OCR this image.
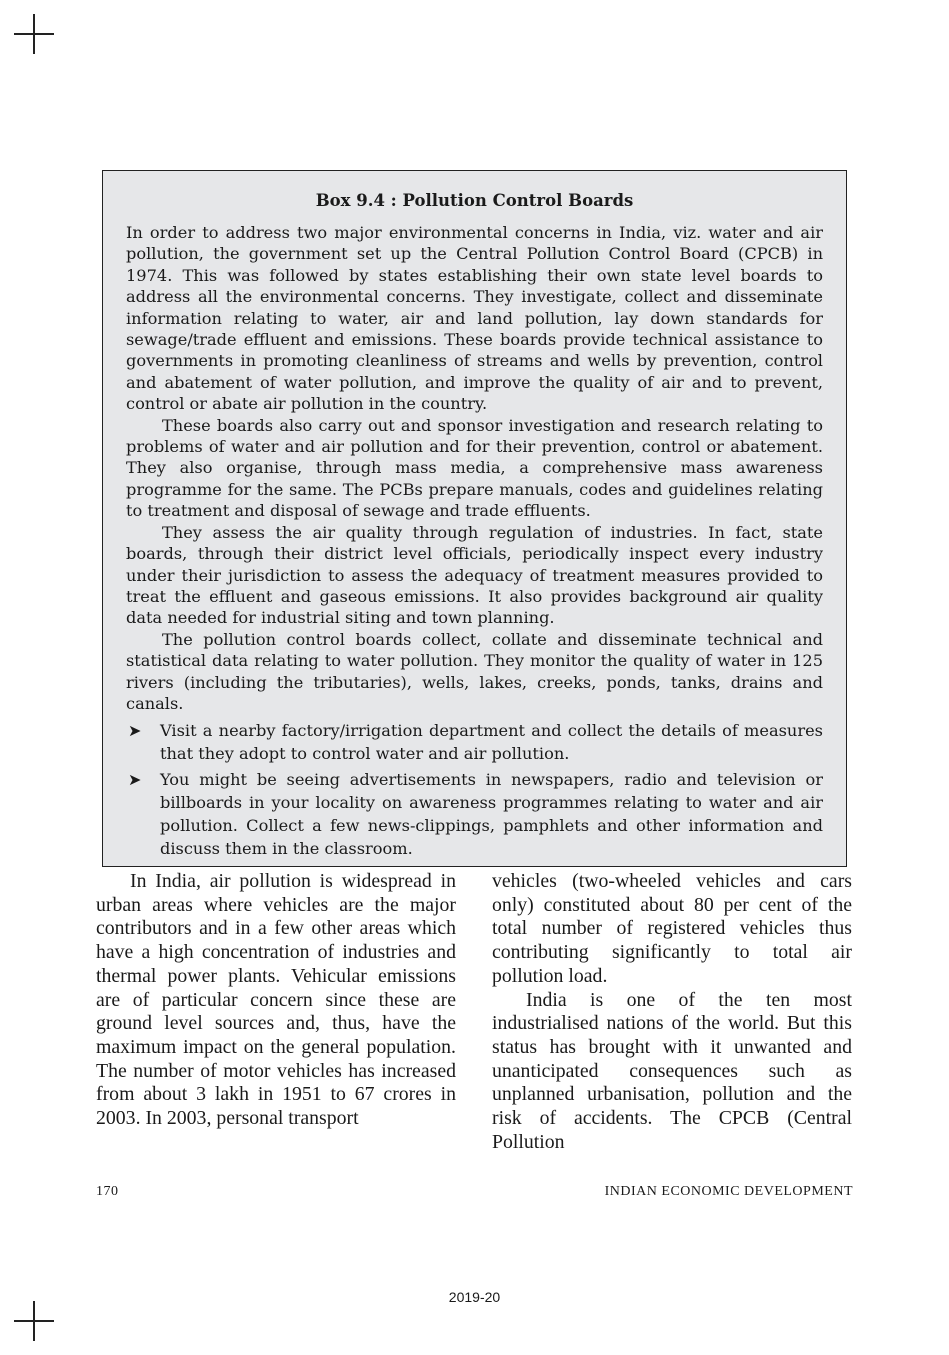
Box 9.4 : Pollution Control Boards

In order to address two major environmental concerns in India, viz. water and air pollution, the government set up the Central Pollution Control Board (CPCB) in 1974. This was followed by states establishing their own state level boards to address all the environmental concerns. They investigate, collect and disseminate information relating to water, air and land pollution, lay down standards for sewage/trade effluent and emissions. These boards provide technical assistance to governments in promoting cleanliness of streams and wells by prevention, control and abatement of water pollution, and improve the quality of air and to prevent, control or abate air pollution in the country.

These boards also carry out and sponsor investigation and research relating to problems of water and air pollution and for their prevention, control or abatement. They also organise, through mass media, a comprehensive mass awareness programme for the same. The PCBs prepare manuals, codes and guidelines relating to treatment and disposal of sewage and trade effluents.

They assess the air quality through regulation of industries. In fact, state boards, through their district level officials, periodically inspect every industry under their jurisdiction to assess the adequacy of treatment measures provided to treat the effluent and gaseous emissions. It also provides background air quality data needed for industrial siting and town planning.

The pollution control boards collect, collate and disseminate technical and statistical data relating to water pollution. They monitor the quality of water in 125 rivers (including the tributaries), wells, lakes, creeks, ponds, tanks, drains and canals.

➤ Visit a nearby factory/irrigation department and collect the details of measures that they adopt to control water and air pollution.
➤ You might be seeing advertisements in newspapers, radio and television or billboards in your locality on awareness programmes relating to water and air pollution. Collect a few news-clippings, pamphlets and other information and discuss them in the classroom.

In India, air pollution is widespread in urban areas where vehicles are the major contributors and in a few other areas which have a high concentration of industries and thermal power plants. Vehicular emissions are of particular concern since these are ground level sources and, thus, have the maximum impact on the general population. The number of motor vehicles has increased from about 3 lakh in 1951 to 67 crores in 2003. In 2003, personal transport

vehicles (two-wheeled vehicles and cars only) constituted about 80 per cent of the total number of registered vehicles thus contributing significantly to total air pollution load.

India is one of the ten most industrialised nations of the world. But this status has brought with it unwanted and unanticipated consequences such as unplanned urbanisation, pollution and the risk of accidents. The CPCB (Central Pollution

170	INDIAN ECONOMIC DEVELOPMENT
2019-20
